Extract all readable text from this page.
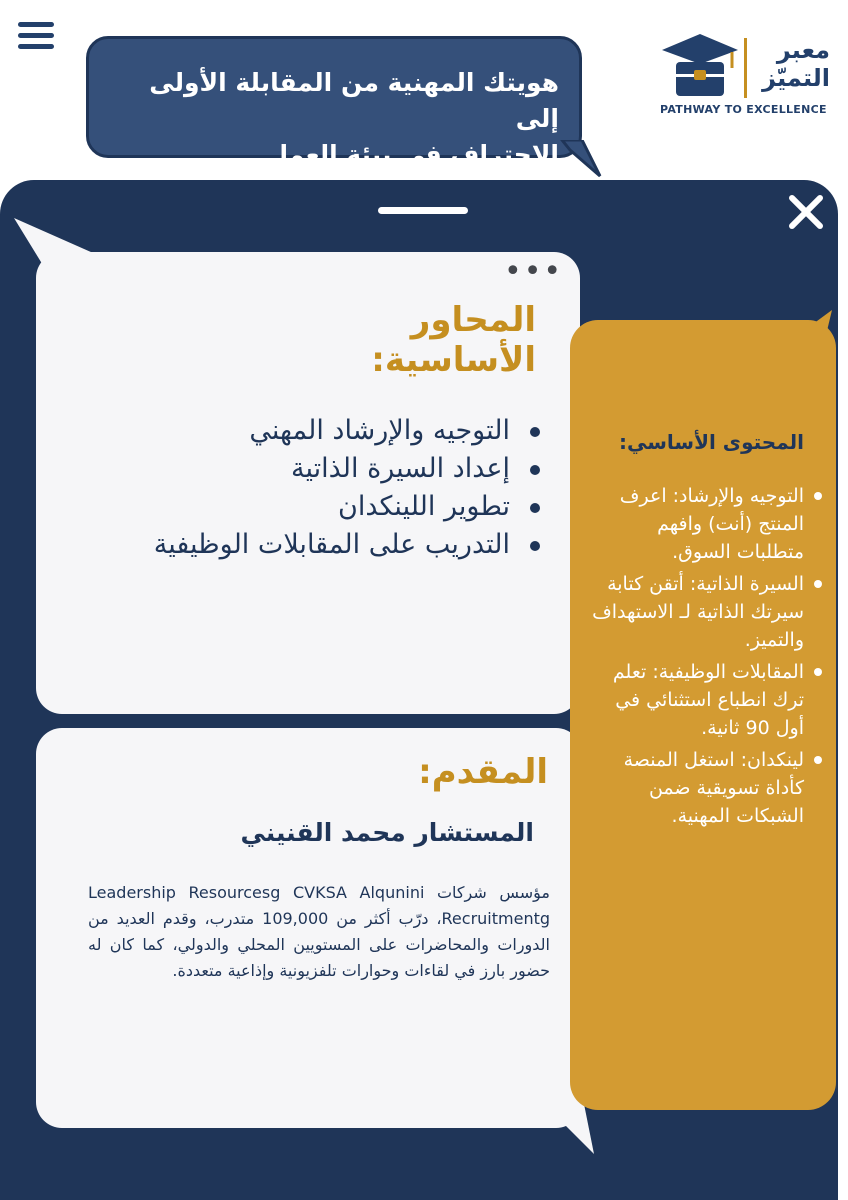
هويتك المهنية من المقابلة الأولى إلى
الاحتراف في بيئة العمل
معبر
التميّز
PATHWAY TO EXCELLENCE
•••
المحاور الأساسية:
التوجيه والإرشاد المهني
إعداد السيرة الذاتية
تطوير اللينكدان
التدريب على المقابلات الوظيفية
المقدم:
المستشار محمد القنيني
مؤسس شركات Leadership Resourcesg CVKSA Alqunini Recruitmentg، درّب أكثر من 109,000 متدرب، وقدم العديد من الدورات والمحاضرات على المستويين المحلي والدولي، كما كان له حضور بارز في لقاءات وحوارات تلفزيونية وإذاعية متعددة.
المحتوى الأساسي:
التوجيه والإرشاد: اعرف المنتج (أنت) وافهم متطلبات السوق.
السيرة الذاتية: أتقن كتابة سيرتك الذاتية لـ الاستهداف والتميز.
المقابلات الوظيفية: تعلم ترك انطباع استثنائي في أول 90 ثانية.
لينكدان: استغل المنصة كأداة تسويقية ضمن الشبكات المهنية.
